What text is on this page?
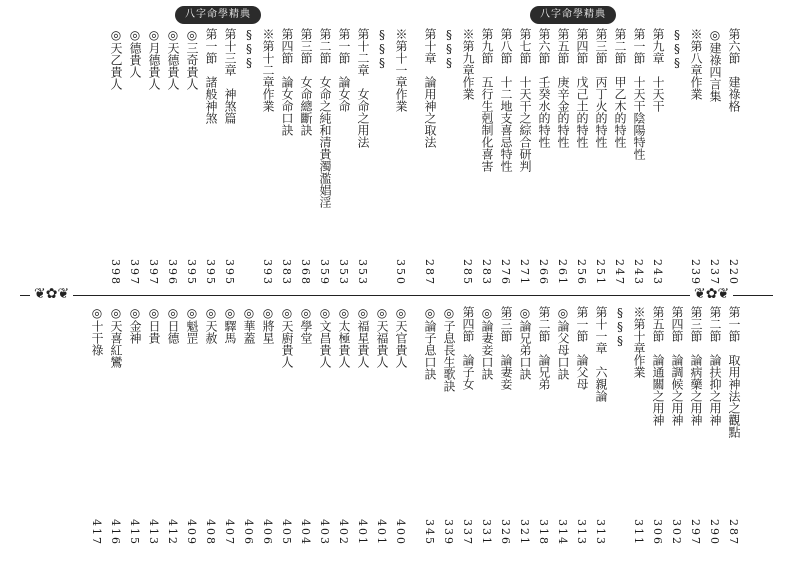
八字命學精典	八字命學精典
第六節　建祿格
220
◎建祿四言集
237
※第八章作業
239
§§§
第九章　十天干
243
第一節　十天干陰陽特性
243
第二節　甲乙木的特性
247
第三節　丙丁火的特性
251
第四節　戊己土的特性
256
第五節　庚辛金的特性
261
第六節　壬癸水的特性
266
第七節　十天干之綜合研判
271
第八節　十二地支喜忌特性
276
第九節　五行生剋制化喜害
283
※第九章作業
285
§§§
第十章　論用神之取法
287
※第十一章作業
350
§§§
第十二章　女命之用法
353
第一節　論女命
353
第二節　女命之純和清貴濁濫娼淫
359
第三節　女命總斷訣
368
第四節　論女命口訣
383
※第十二章作業
393
§§§
第十三章　神煞篇
395
第一節　諸般神煞
395
◎三奇貴人
395
◎天德貴人
396
◎月德貴人
397
◎德貴人
397
◎天乙貴人
398
❦✿❦	❦✿❦
第一節　取用神法之觀點
287
第二節　論扶抑之用神
290
第三節　論病藥之用神
297
第四節　論調候之用神
302
第五節　論通關之用神
306
※第十章作業
311
§§§
第十一章　六親論
313
第一節　論父母
313
◎論父母口訣
314
第二節　論兄弟
318
◎論兄弟口訣
321
第三節　論妻妾
326
◎論妻妾口訣
331
第四節　論子女
337
◎子息長生歌訣
339
◎論子息口訣
345
◎天官貴人
400
◎天福貴人
401
◎福星貴人
401
◎太極貴人
402
◎文昌貴人
403
◎學堂
404
◎天廚貴人
405
◎將星
406
◎華蓋
406
◎驛馬
407
◎天赦
408
◎魁罡
409
◎日德
412
◎日貴
413
◎金神
415
◎天喜紅鸞
416
◎十干祿
417
